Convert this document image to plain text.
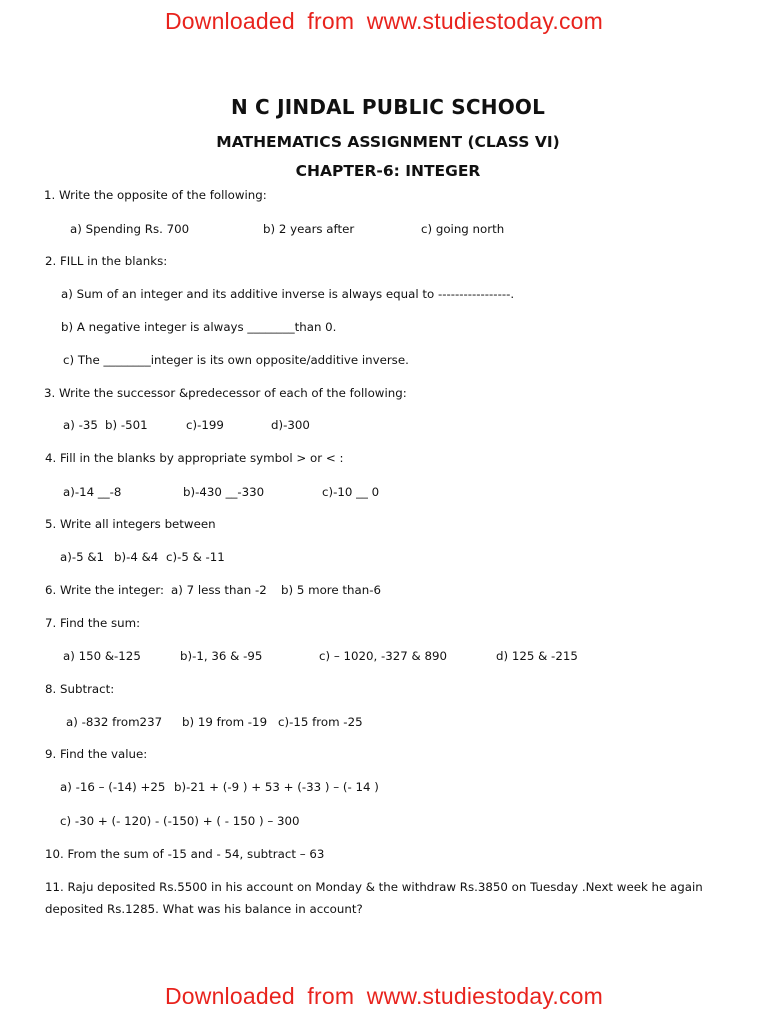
Downloaded from www.studiestoday.com
N C JINDAL PUBLIC SCHOOL
MATHEMATICS ASSIGNMENT (CLASS VI)
CHAPTER-6: INTEGER
1. Write the opposite of the following:
a) Spending Rs. 700	b) 2 years after	c) going north
2. FILL in the blanks:
a) Sum of an integer and its additive inverse is always equal to -----------------.
b) A negative integer is always ________than 0.
c) The ________integer is its own opposite/additive inverse.
3. Write the successor &predecessor of each of the following:
a) -35 b) -501	c)-199	d)-300
4. Fill in the blanks by appropriate symbol > or < :
a)-14 __-8	b)-430 __-330	c)-10 __ 0
5. Write all integers between
a)-5 &1 b)-4 &4 c)-5 & -11
6. Write the integer: a) 7 less than -2 b) 5 more than-6
7. Find the sum:
a) 150 &-125	b)-1, 36 & -95	c) – 1020, -327 & 890	d) 125 & -215
8. Subtract:
a) -832 from237 b) 19 from -19 c)-15 from -25
9. Find the value:
a) -16 – (-14) +25 b)-21 + (-9 ) + 53 + (-33 ) – (- 14 )
c) -30 + (- 120) - (-150) + ( - 150 ) – 300
10. From the sum of -15 and - 54, subtract – 63
11. Raju deposited Rs.5500 in his account on Monday & the withdraw Rs.3850 on Tuesday .Next week he again
deposited Rs.1285. What was his balance in account?
Downloaded from www.studiestoday.com
